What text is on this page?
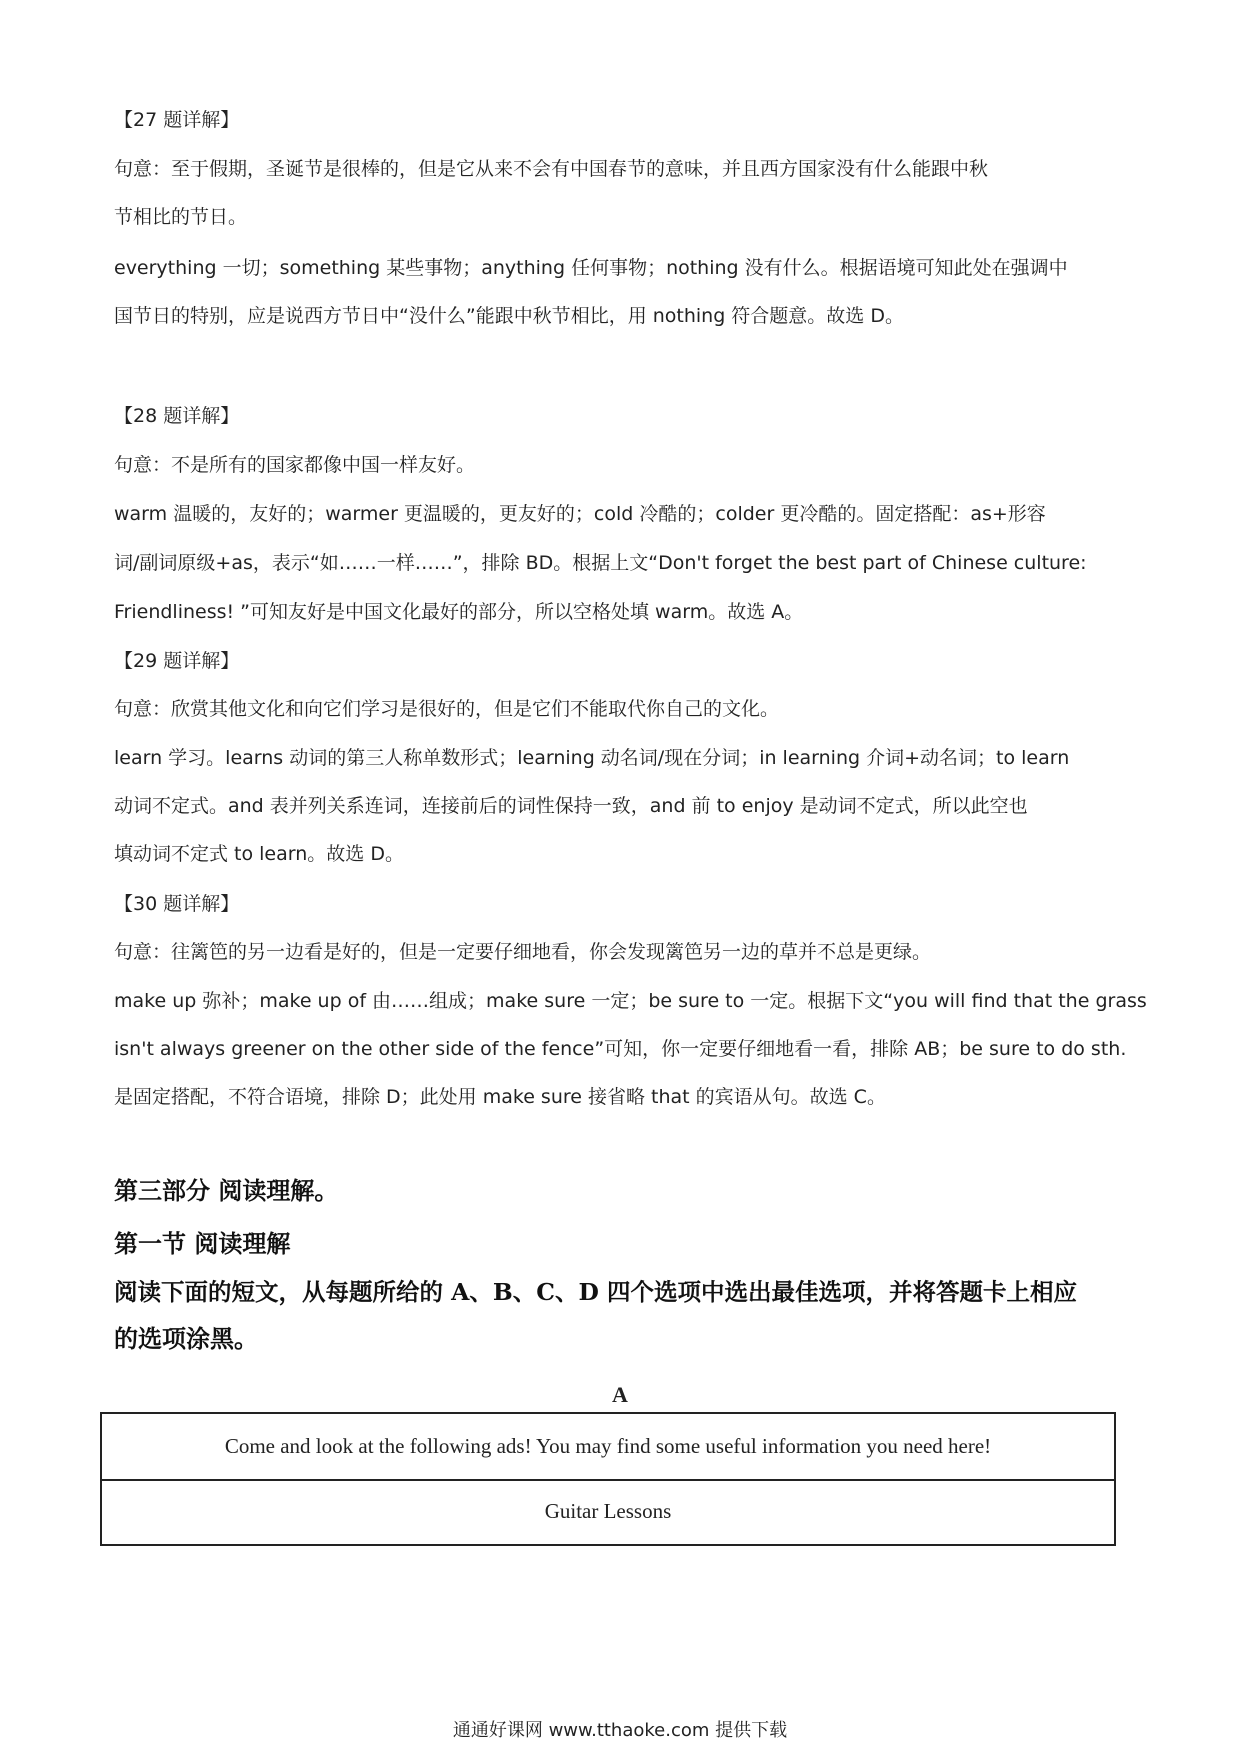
【27 题详解】
句意：至于假期，圣诞节是很棒的，但是它从来不会有中国春节的意味，并且西方国家没有什么能跟中秋
节相比的节日。
everything 一切；something 某些事物；anything 任何事物；nothing 没有什么。根据语境可知此处在强调中
国节日的特别，应是说西方节日中“没什么”能跟中秋节相比，用 nothing 符合题意。故选 D。
【28 题详解】
句意：不是所有的国家都像中国一样友好。
warm 温暖的，友好的；warmer 更温暖的，更友好的；cold 冷酷的；colder 更冷酷的。固定搭配：as+形容
词/副词原级+as，表示“如……一样……”，排除 BD。根据上文“Don't forget the best part of Chinese culture:
Friendliness! ”可知友好是中国文化最好的部分，所以空格处填 warm。故选 A。
【29 题详解】
句意：欣赏其他文化和向它们学习是很好的，但是它们不能取代你自己的文化。
learn 学习。learns 动词的第三人称单数形式；learning 动名词/现在分词；in learning 介词+动名词；to learn
动词不定式。and 表并列关系连词，连接前后的词性保持一致，and 前 to enjoy 是动词不定式，所以此空也
填动词不定式 to learn。故选 D。
【30 题详解】
句意：往篱笆的另一边看是好的，但是一定要仔细地看，你会发现篱笆另一边的草并不总是更绿。
make up 弥补；make up of 由……组成；make sure 一定；be sure to 一定。根据下文“you will find that the grass
isn't always greener on the other side of the fence”可知，你一定要仔细地看一看，排除 AB；be sure to do sth.
是固定搭配，不符合语境，排除 D；此处用 make sure 接省略 that 的宾语从句。故选 C。
第三部分 阅读理解。
第一节 阅读理解
阅读下面的短文，从每题所给的 A、B、C、D 四个选项中选出最佳选项，并将答题卡上相应
的选项涂黑。
A
Come and look at the following ads! You may find some useful information you need here!
Guitar Lessons
通通好课网 www.tthaoke.com 提供下载
